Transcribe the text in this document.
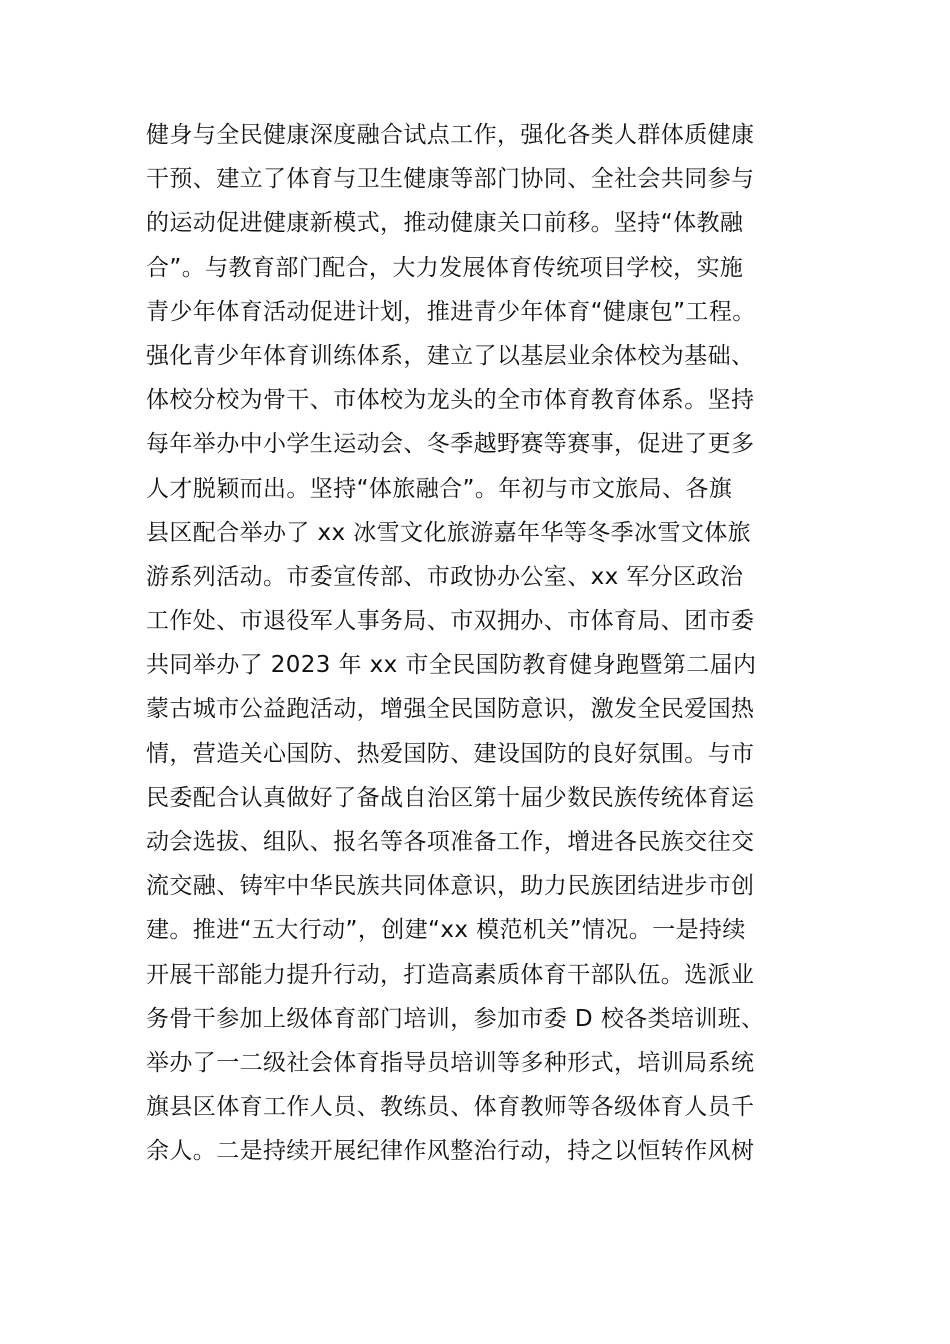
健身与全民健康深度融合试点工作，强化各类人群体质健康
干预、建立了体育与卫生健康等部门协同、全社会共同参与
的运动促进健康新模式，推动健康关口前移。坚持“体教融
合”。与教育部门配合，大力发展体育传统项目学校，实施
青少年体育活动促进计划，推进青少年体育“健康包”工程。
强化青少年体育训练体系，建立了以基层业余体校为基础、
体校分校为骨干、市体校为龙头的全市体育教育体系。坚持
每年举办中小学生运动会、冬季越野赛等赛事，促进了更多
人才脱颖而出。坚持“体旅融合”。年初与市文旅局、各旗
县区配合举办了 xx 冰雪文化旅游嘉年华等冬季冰雪文体旅
游系列活动。市委宣传部、市政协办公室、xx 军分区政治
工作处、市退役军人事务局、市双拥办、市体育局、团市委
共同举办了 2023 年 xx 市全民国防教育健身跑暨第二届内
蒙古城市公益跑活动，增强全民国防意识，激发全民爱国热
情，营造关心国防、热爱国防、建设国防的良好氛围。与市
民委配合认真做好了备战自治区第十届少数民族传统体育运
动会选拔、组队、报名等各项准备工作，增进各民族交往交
流交融、铸牢中华民族共同体意识，助力民族团结进步市创
建。推进“五大行动”，创建“xx 模范机关”情况。一是持续
开展干部能力提升行动，打造高素质体育干部队伍。选派业
务骨干参加上级体育部门培训，参加市委 D 校各类培训班、
举办了一二级社会体育指导员培训等多种形式，培训局系统
旗县区体育工作人员、教练员、体育教师等各级体育人员千
余人。二是持续开展纪律作风整治行动，持之以恒转作风树
